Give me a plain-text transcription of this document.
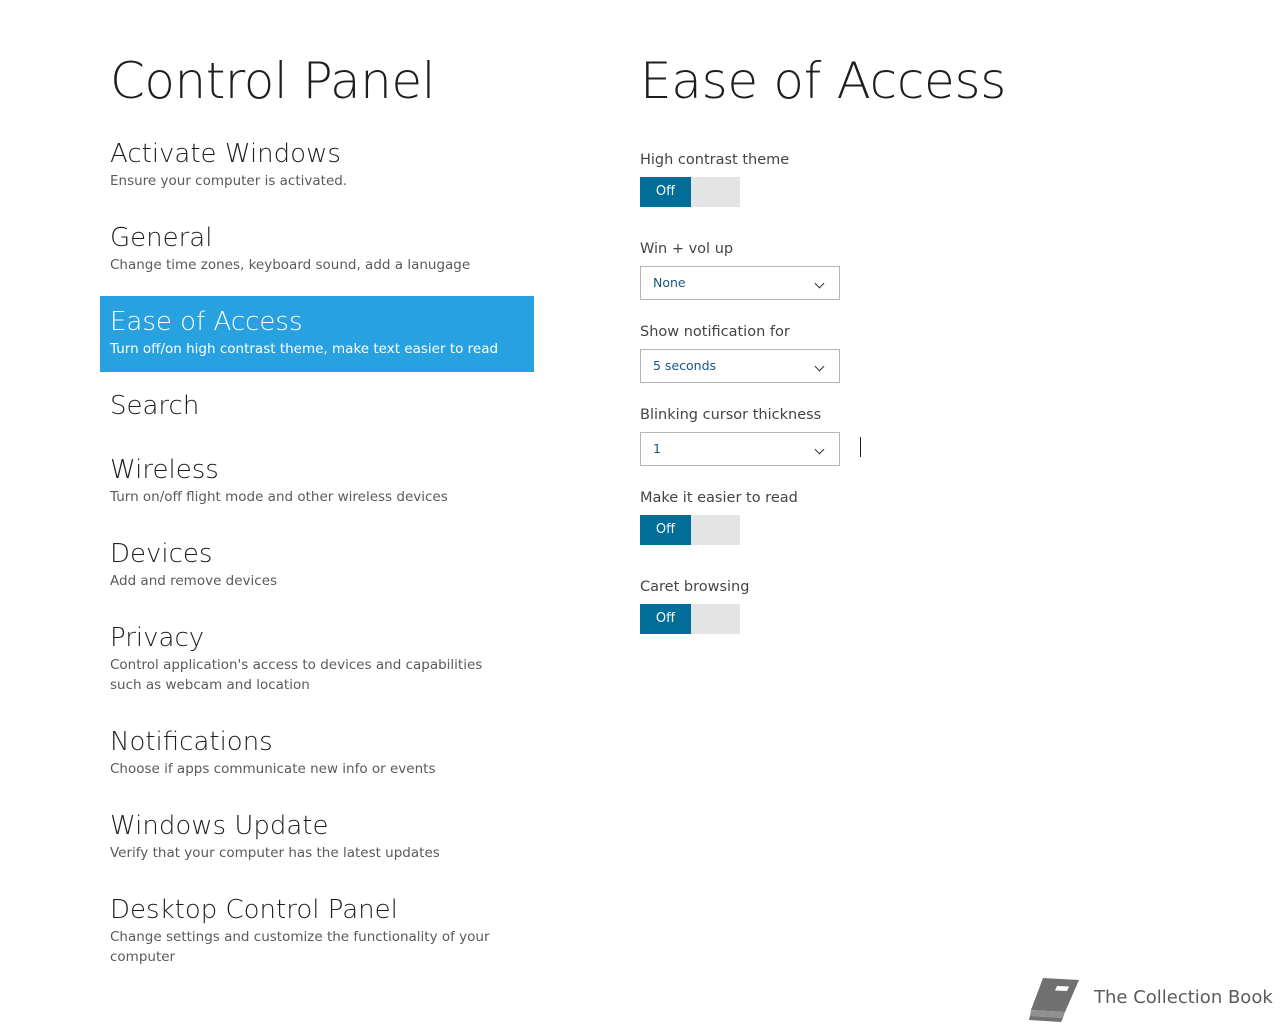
Control Panel
Activate Windows
Ensure your computer is activated.
General
Change time zones, keyboard sound, add a lanugage
Ease of Access
Turn off/on high contrast theme, make text easier to read
Search
Wireless
Turn on/off flight mode and other wireless devices
Devices
Add and remove devices
Privacy
Control application's access to devices and capabilities such as webcam and location
Notifications
Choose if apps communicate new info or events
Windows Update
Verify that your computer has the latest updates
Desktop Control Panel
Change settings and customize the functionality of your computer
Ease of Access
High contrast theme
Off
Win + vol up
None
Show notification for
5 seconds
Blinking cursor thickness
1
Make it easier to read
Off
Caret browsing
Off
The Collection Book
